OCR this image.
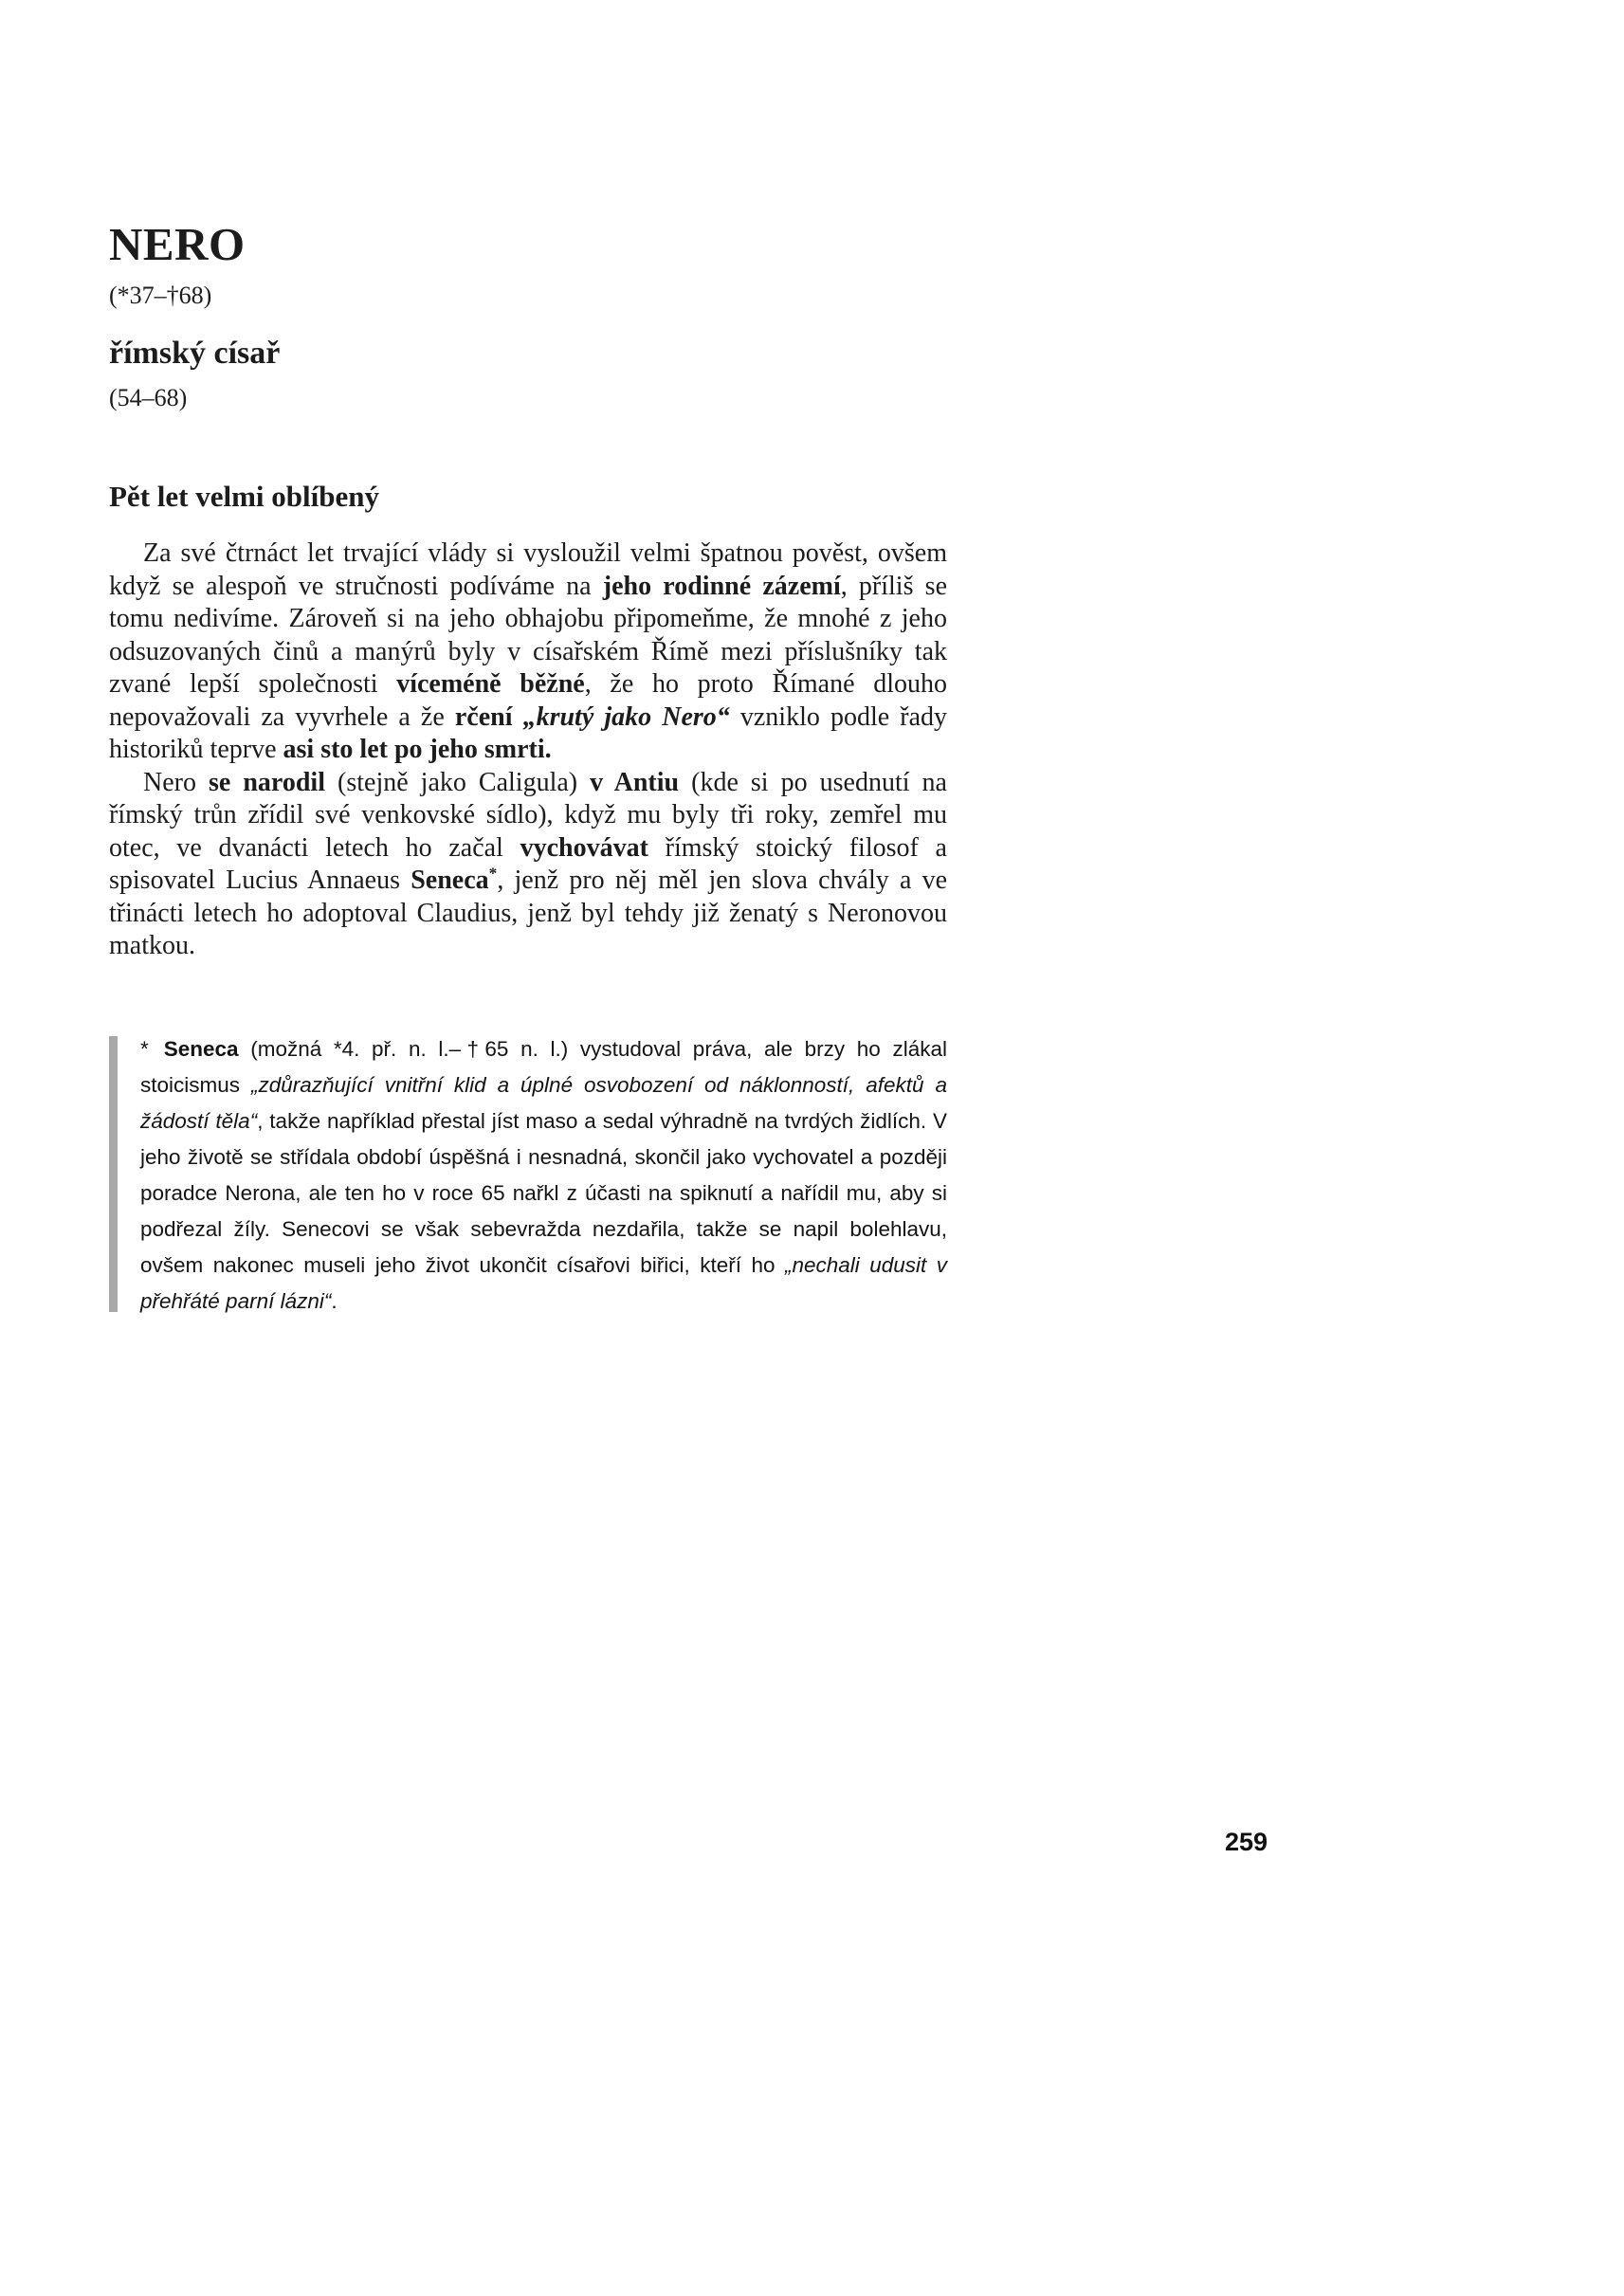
NERO
(*37–†68)
římský císař
(54–68)
Pět let velmi oblíbený

Za své čtrnáct let trvající vlády si vysloužil velmi špatnou pověst, ovšem když se alespoň ve stručnosti podíváme na jeho rodinné zázemí, příliš se tomu nedivíme. Zároveň si na jeho obhajobu připomeňme, že mnohé z jeho odsuzovaných činů a manýrů byly v císařském Římě mezi příslušníky tak zvané lepší společnosti víceméně běžné, že ho proto Římané dlouho nepovažovali za vyvrhele a že rčení „krutý jako Nero“ vzniklo podle řady historiků teprve asi sto let po jeho smrti.

Nero se narodil (stejně jako Caligula) v Antiu (kde si po usednutí na římský trůn zřídil své venkovské sídlo), když mu byly tři roky, zemřel mu otec, ve dvanácti letech ho začal vychovávat římský stoický filosof a spisovatel Lucius Annaeus Seneca*, jenž pro něj měl jen slova chvály a ve třinácti letech ho adoptoval Claudius, jenž byl tehdy již ženatý s Neronovou matkou.

* Seneca (možná *4. př. n. l.–†65 n. l.) vystudoval práva, ale brzy ho zlákal stoicismus „zdůrazňující vnitřní klid a úplné osvobození od náklonností, afektů a žádostí těla“, takže například přestal jíst maso a sedal výhradně na tvrdých židlích. V jeho životě se střídala období úspěšná i nesnadná, skončil jako vychovatel a později poradce Nerona, ale ten ho v roce 65 nařkl z účasti na spiknutí a nařídil mu, aby si podřezal žíly. Senecovi se však sebevražda nezdařila, takže se napil bolehlavu, ovšem nakonec museli jeho život ukončit císařovi biřici, kteří ho „nechali udusit v přehřáté parní lázni“.

259
